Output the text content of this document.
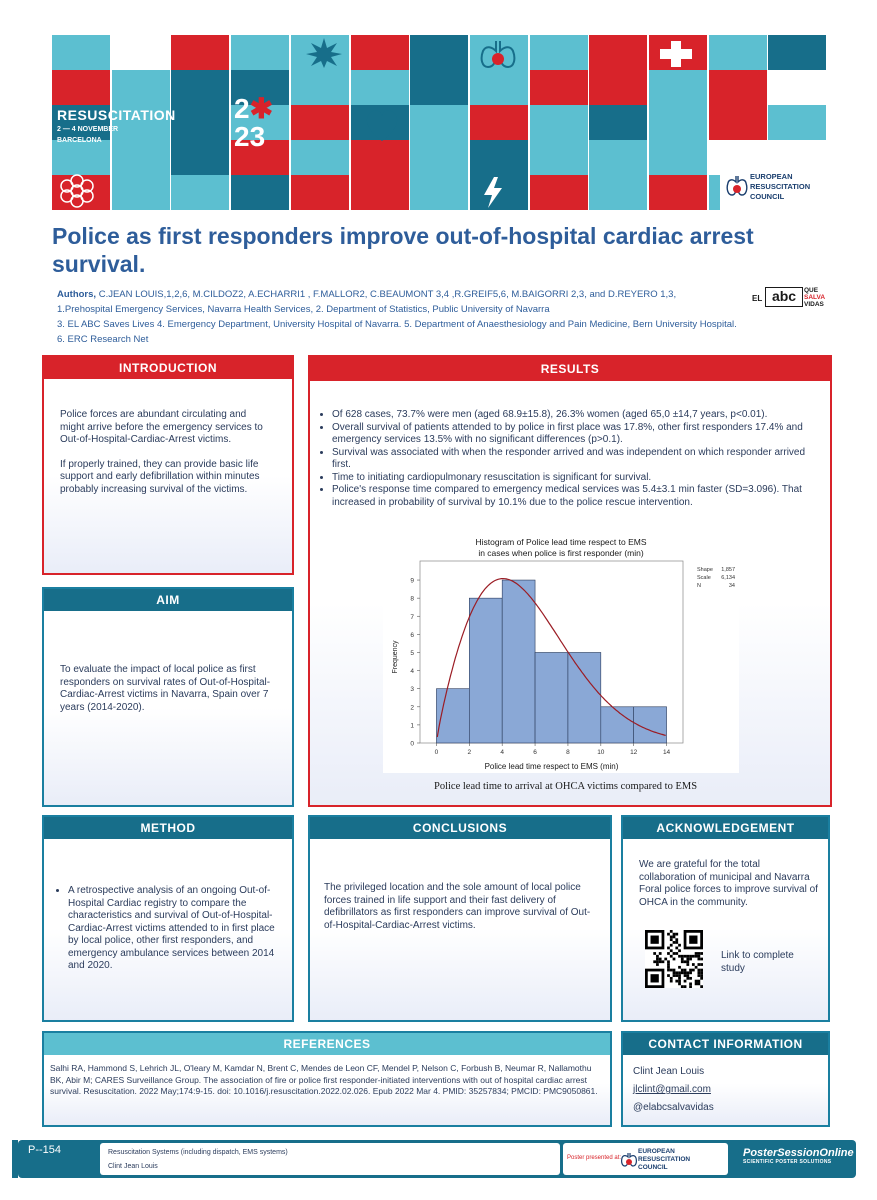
RESUSCITATION
2 — 4 NOVEMBER
BARCELONA
2✱
23
EUROPEAN
RESUSCITATION
COUNCIL
Police as first responders improve out-of-hospital cardiac arrest survival.
Authors, C.JEAN LOUIS,1,2,6, M.CILDOZ2, A.ECHARRI1 , F.MALLOR2, C.BEAUMONT 3,4 ,R.GREIF5,6, M.BAIGORRI 2,3, and D.REYERO 1,3,
1.Prehospital Emergency Services, Navarra Health Services, 2. Department of Statistics, Public University of Navarra
3. EL ABC Saves Lives 4. Emergency Department, University Hospital of Navarra. 5. Department of Anaesthesiology and Pain Medicine, Bern University Hospital. 6. ERC Research Net
EL abc	QUE
SALVA
VIDAS
INTRODUCTION
Police forces are abundant circulating and might arrive before the emergency services to Out-of-Hospital-Cardiac-Arrest victims.
If properly trained, they can provide basic life support and early defibrillation within minutes probably increasing survival of the victims.
AIM
To evaluate the impact of local police as first responders on survival rates of Out-of-Hospital-Cardiac-Arrest victims in Navarra, Spain over 7 years (2014-2020).
RESULTS
• Of 628 cases, 73.7% were men (aged 68.9±15.8), 26.3% women (aged 65,0 ±14,7 years, p<0.01).
• Overall survival of patients attended to by police in first place was 17.8%, other first responders 17.4% and emergency services 13.5% with no significant differences (p>0.1).
• Survival was associated with when the responder arrived and was independent on which responder arrived first.
• Time to initiating cardiopulmonary resuscitation is significant for survival.
• Police's response time compared to emergency medical services was 5.4±3.1 min faster (SD=3.096). That increased in probability of survival by 10.1% due to the police rescue intervention.
Histogram of Police lead time respect to EMS
in cases when police is first responder (min)
0	2	4	6	8	10	12	14
0
1
2
3
4
5
6
7
8
9
Police lead time respect to EMS (min)
Frequency
Shape 1,857
Scale 6,134
N	34
Police lead time to arrival at OHCA victims compared to EMS
METHOD
• A retrospective analysis of an ongoing Out-of-Hospital Cardiac registry to compare the characteristics and survival of Out-of-Hospital-Cardiac-Arrest victims attended to in first place by local police, other first responders, and emergency ambulance services between 2014 and 2020.
CONCLUSIONS
The privileged location and the sole amount of local police forces trained in life support and their fast delivery of defibrillators as first responders can improve survival of Out-of-Hospital-Cardiac-Arrest victims.
ACKNOWLEDGEMENT
We are grateful for the total collaboration of municipal and Navarra Foral police forces to improve survival of OHCA in the community.
Link to complete study
REFERENCES
Salhi RA, Hammond S, Lehrich JL, O'leary M, Kamdar N, Brent C, Mendes de Leon CF, Mendel P, Nelson C, Forbush B, Neumar R, Nallamothu BK, Abir M; CARES Surveillance Group. The association of fire or police first responder-initiated interventions with out of hospital cardiac arrest survival. Resuscitation. 2022 May;174:9-15. doi: 10.1016/j.resuscitation.2022.02.026. Epub 2022 Mar 4. PMID: 35257834; PMCID: PMC9050861.
CONTACT INFORMATION
Clint Jean Louis
jlclint@gmail.com
@elabcsalvavidas
P--154	Resuscitation Systems (including dispatch, EMS systems)
Clint Jean Louis
Poster presented at:
EUROPEAN
RESUSCITATION
COUNCIL
PosterSessionOnline
SCIENTIFIC POSTER SOLUTIONS
